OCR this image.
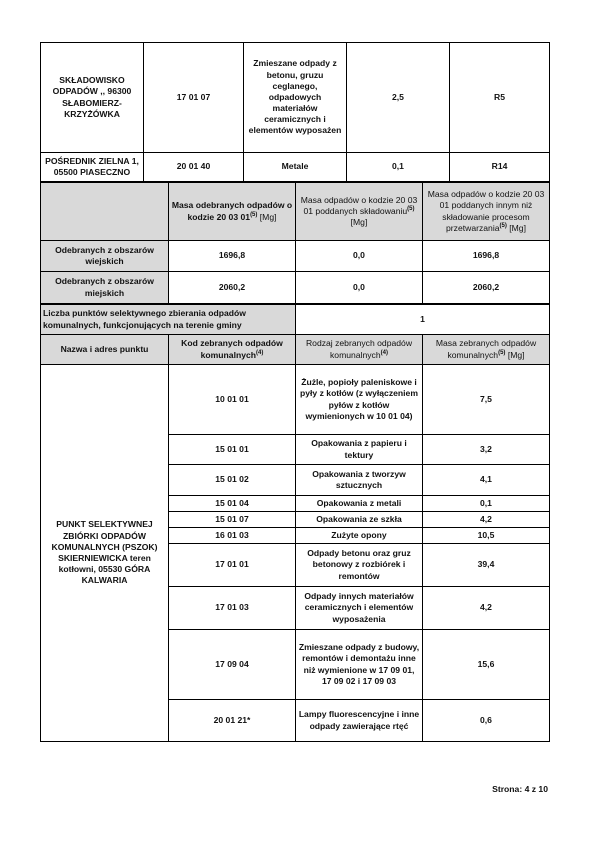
SKŁADOWISKO ODPADÓW ,, 96300 SŁABOMIERZ-KRZYŻÓWKA	17 01 07	Zmieszane odpady z betonu, gruzu ceglanego, odpadowych materiałów ceramicznych i elementów wyposażen	2,5	R5
POŚREDNIK ZIELNA 1, 05500 PIASECZNO	20 01 40	Metale	0,1	R14
	Masa odebranych odpadów o kodzie 20 03 01$^{(5)}$ [Mg]	Masa odpadów o kodzie 20 03 01 poddanych składowaniu$^{(5)}$ [Mg]	Masa odpadów o kodzie 20 03 01 poddanych innym niż składowanie procesom przetwarzania$^{(5)}$ [Mg]
Odebranych z obszarów wiejskich	1696,8	0,0	1696,8
Odebranych z obszarów miejskich	2060,2	0,0	2060,2
Liczba punktów selektywnego zbierania odpadów komunalnych, funkcjonujących na terenie gminy		1	
Nazwa i adres punktu	Kod zebranych odpadów komunalnych$^{(4)}$	Rodzaj zebranych odpadów komunalnych$^{(4)}$	Masa zebranych odpadów komunalnych$^{(5)}$ [Mg]
PUNKT SELEKTYWNEJ ZBIÓRKI ODPADÓW KOMUNALNYCH (PSZOK) SKIERNIEWICKA teren kotłowni, 05530 GÓRA KALWARIA	10 01 01	Żużle, popioły paleniskowe i pyły z kotłów (z wyłączeniem pyłów z kotłów wymienionych w 10 01 04)	7,5
	15 01 01	Opakowania z papieru i tektury	3,2
	15 01 02	Opakowania z tworzyw sztucznych	4,1
	15 01 04	Opakowania z metali	0,1
	15 01 07	Opakowania ze szkła	4,2
	16 01 03	Zużyte opony	10,5
	17 01 01	Odpady betonu oraz gruz betonowy z rozbiórek i remontów	39,4
	17 01 03	Odpady innych materiałów ceramicznych i elementów wyposażenia	4,2
	17 09 04	Zmieszane odpady z budowy, remontów i demontażu inne niż wymienione w 17 09 01, 17 09 02 i 17 09 03	15,6
	20 01 21*	Lampy fluorescencyjne i inne odpady zawierające rtęć	0,6
Strona: 4 z 10
